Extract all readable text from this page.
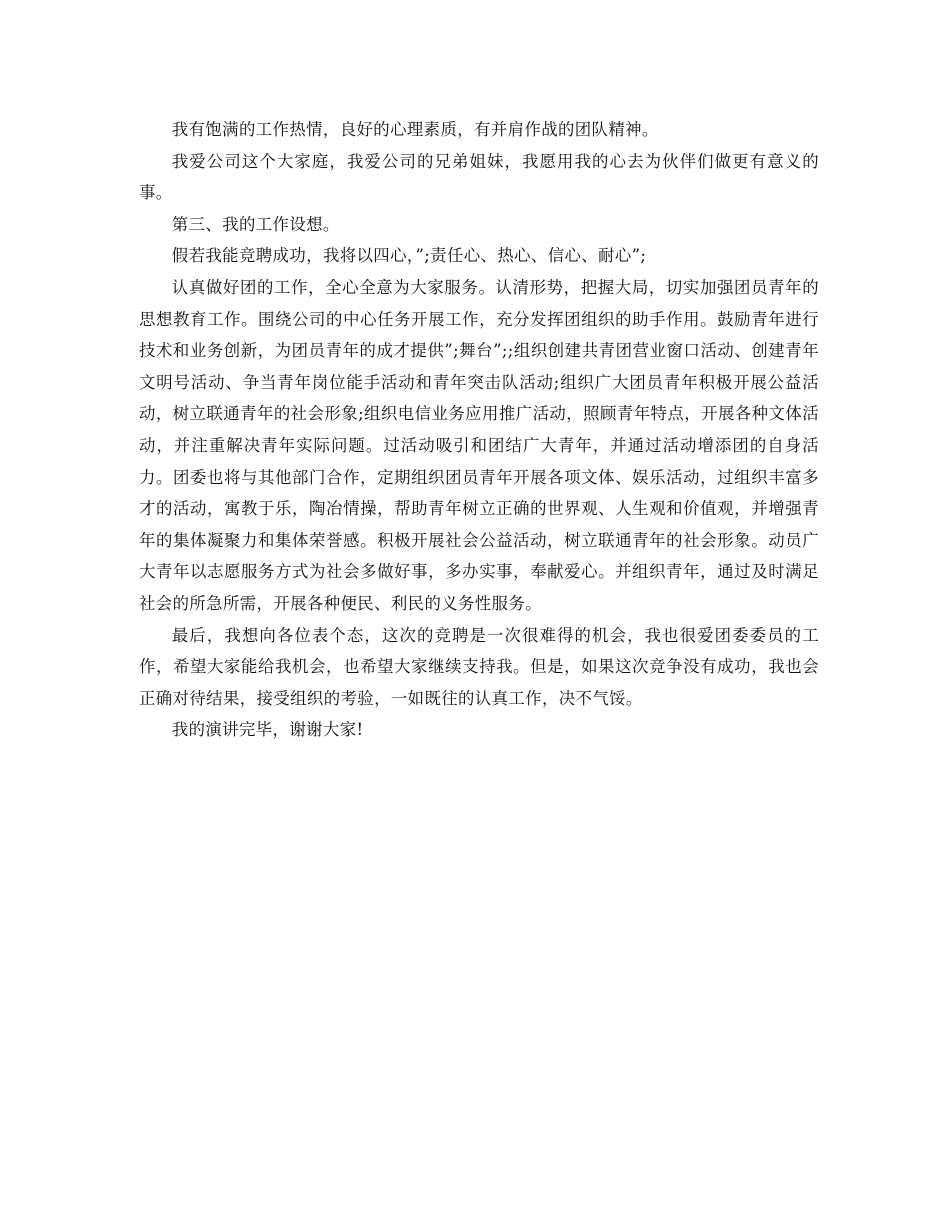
我有饱满的工作热情，良好的心理素质，有并肩作战的团队精神。

我爱公司这个大家庭，我爱公司的兄弟姐妹，我愿用我的心去为伙伴们做更有意义的事。

第三、我的工作设想。

假若我能竞聘成功，我将以四心，”;责任心、热心、信心、耐心”;

认真做好团的工作，全心全意为大家服务。认清形势，把握大局，切实加强团员青年的思想教育工作。围绕公司的中心任务开展工作，充分发挥团组织的助手作用。鼓励青年进行技术和业务创新，为团员青年的成才提供”;舞台”;;组织创建共青团营业窗口活动、创建青年文明号活动、争当青年岗位能手活动和青年突击队活动;组织广大团员青年积极开展公益活动，树立联通青年的社会形象;组织电信业务应用推广活动，照顾青年特点，开展各种文体活动，并注重解决青年实际问题。过活动吸引和团结广大青年，并通过活动增添团的自身活力。团委也将与其他部门合作，定期组织团员青年开展各项文体、娱乐活动，过组织丰富多才的活动，寓教于乐，陶冶情操，帮助青年树立正确的世界观、人生观和价值观，并增强青年的集体凝聚力和集体荣誉感。积极开展社会公益活动，树立联通青年的社会形象。动员广大青年以志愿服务方式为社会多做好事，多办实事，奉献爱心。并组织青年，通过及时满足社会的所急所需，开展各种便民、利民的义务性服务。

最后，我想向各位表个态，这次的竞聘是一次很难得的机会，我也很爱团委委员的工作，希望大家能给我机会，也希望大家继续支持我。但是，如果这次竞争没有成功，我也会正确对待结果，接受组织的考验，一如既往的认真工作，决不气馁。

我的演讲完毕，谢谢大家!
